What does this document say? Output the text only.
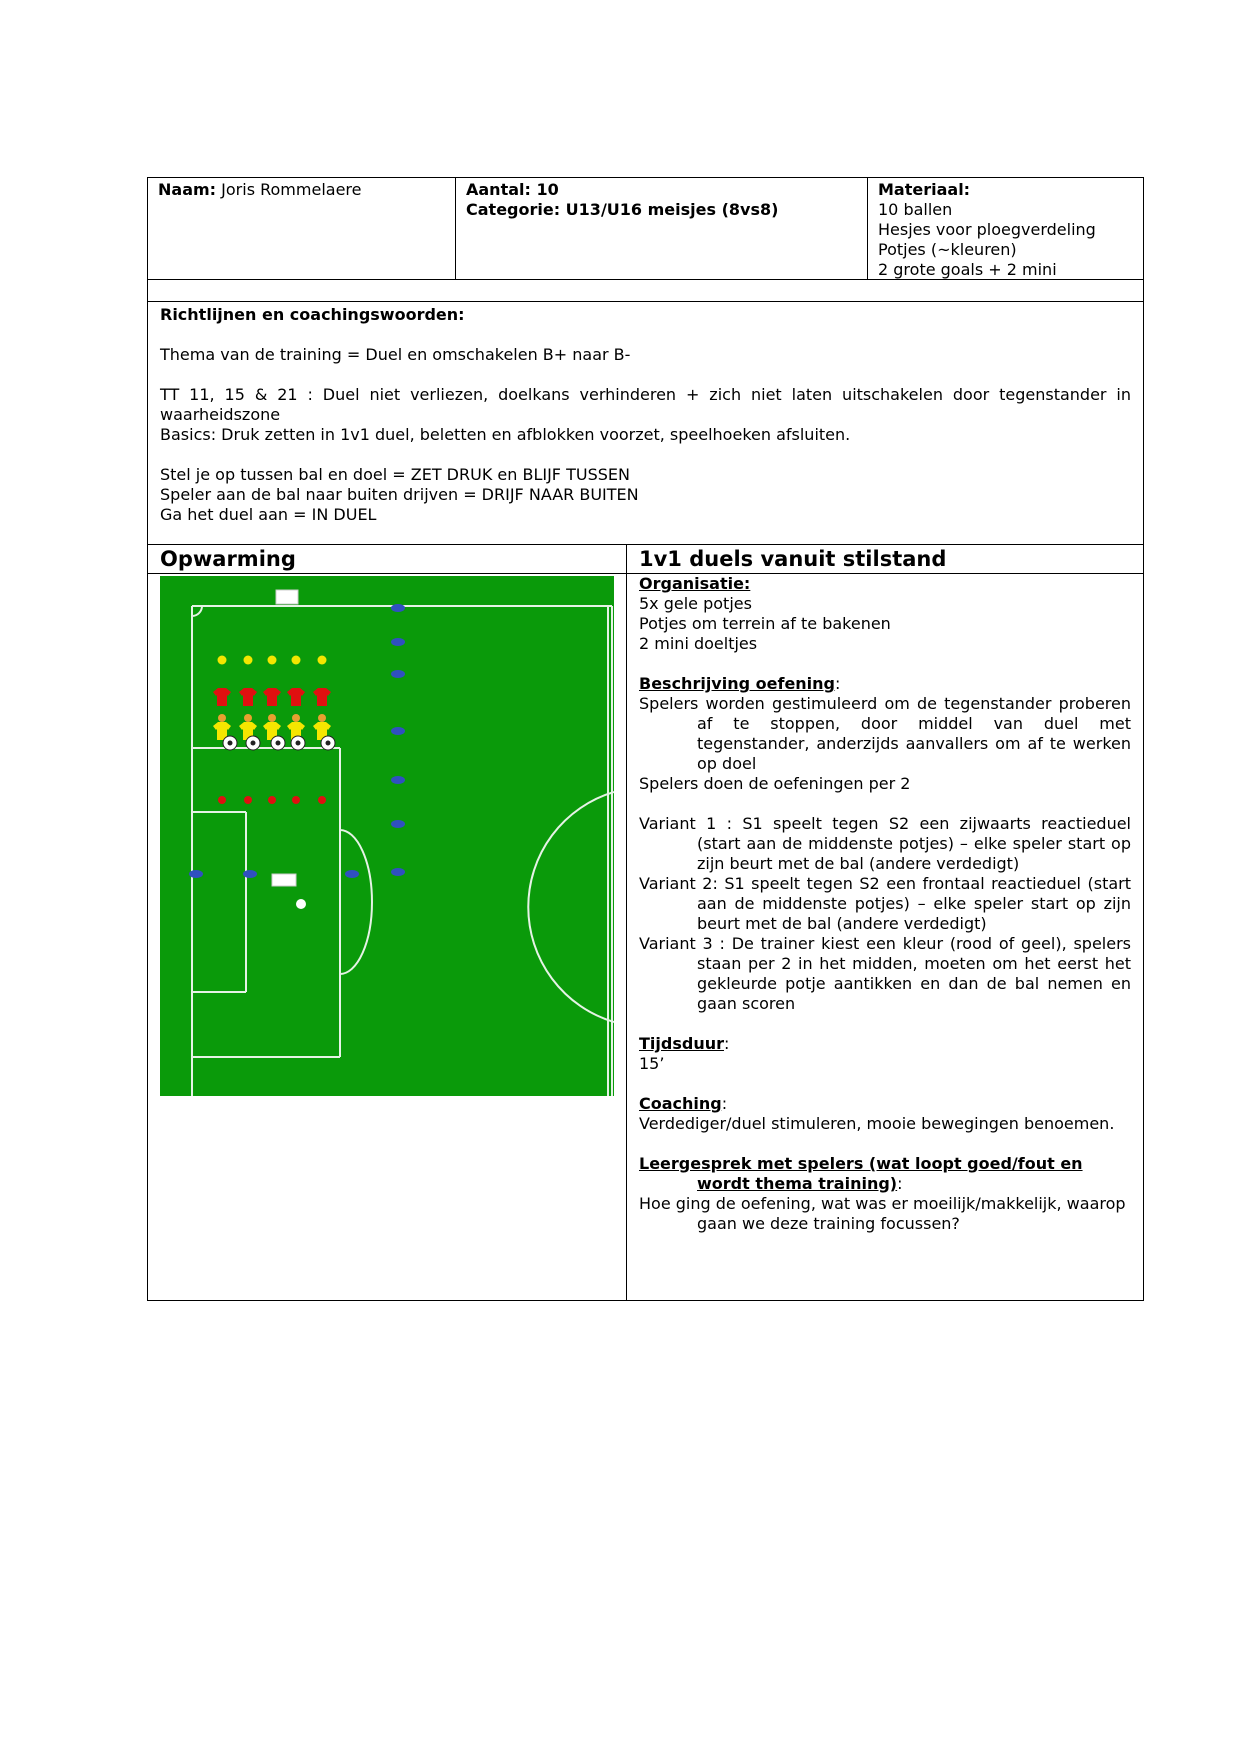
Naam: Joris Rommelaere	Aantal: 10

Categorie: U13/U16 meisjes (8vs8)

Materiaal:

10 ballen

Hesjes voor ploegverdeling

Potjes (~kleuren)

2 grote goals + 2 mini

Richtlijnen en coachingswoorden:

Thema van de training = Duel en omschakelen B+ naar B-

TT 11, 15 & 21 : Duel niet verliezen, doelkans verhinderen + zich niet laten uitschakelen door tegenstander in waarheidszone

Basics: Druk zetten in 1v1 duel, beletten en afblokken voorzet, speelhoeken afsluiten.

Stel je op tussen bal en doel = ZET DRUK en BLIJF TUSSEN

Speler aan de bal naar buiten drijven = DRIJF NAAR BUITEN

Ga het duel aan = IN DUEL

Opwarming	1v1 duels vanuit stilstand

Organisatie:

5x gele potjes

Potjes om terrein af te bakenen

2 mini doeltjes

Beschrijving oefening:

Spelers worden gestimuleerd om de tegenstander proberen af te stoppen, door middel van duel met tegenstander, anderzijds aanvallers om af te werken op doel

Spelers doen de oefeningen per 2

Variant 1 : S1 speelt tegen S2 een zijwaarts reactieduel (start aan de middenste potjes) – elke speler start op zijn beurt met de bal (andere verdedigt)

Variant 2: S1 speelt tegen S2 een frontaal reactieduel (start aan de middenste potjes) – elke speler start op zijn beurt met de bal (andere verdedigt)

Variant 3 : De trainer kiest een kleur (rood of geel), spelers staan per 2 in het midden, moeten om het eerst het gekleurde potje aantikken en dan de bal nemen en gaan scoren

Tijdsduur:

15’

Coaching:

Verdediger/duel stimuleren, mooie bewegingen benoemen.

Leergesprek met spelers (wat loopt goed/fout en wordt thema training):

Hoe ging de oefening, wat was er moeilijk/makkelijk, waarop gaan we deze training focussen?
